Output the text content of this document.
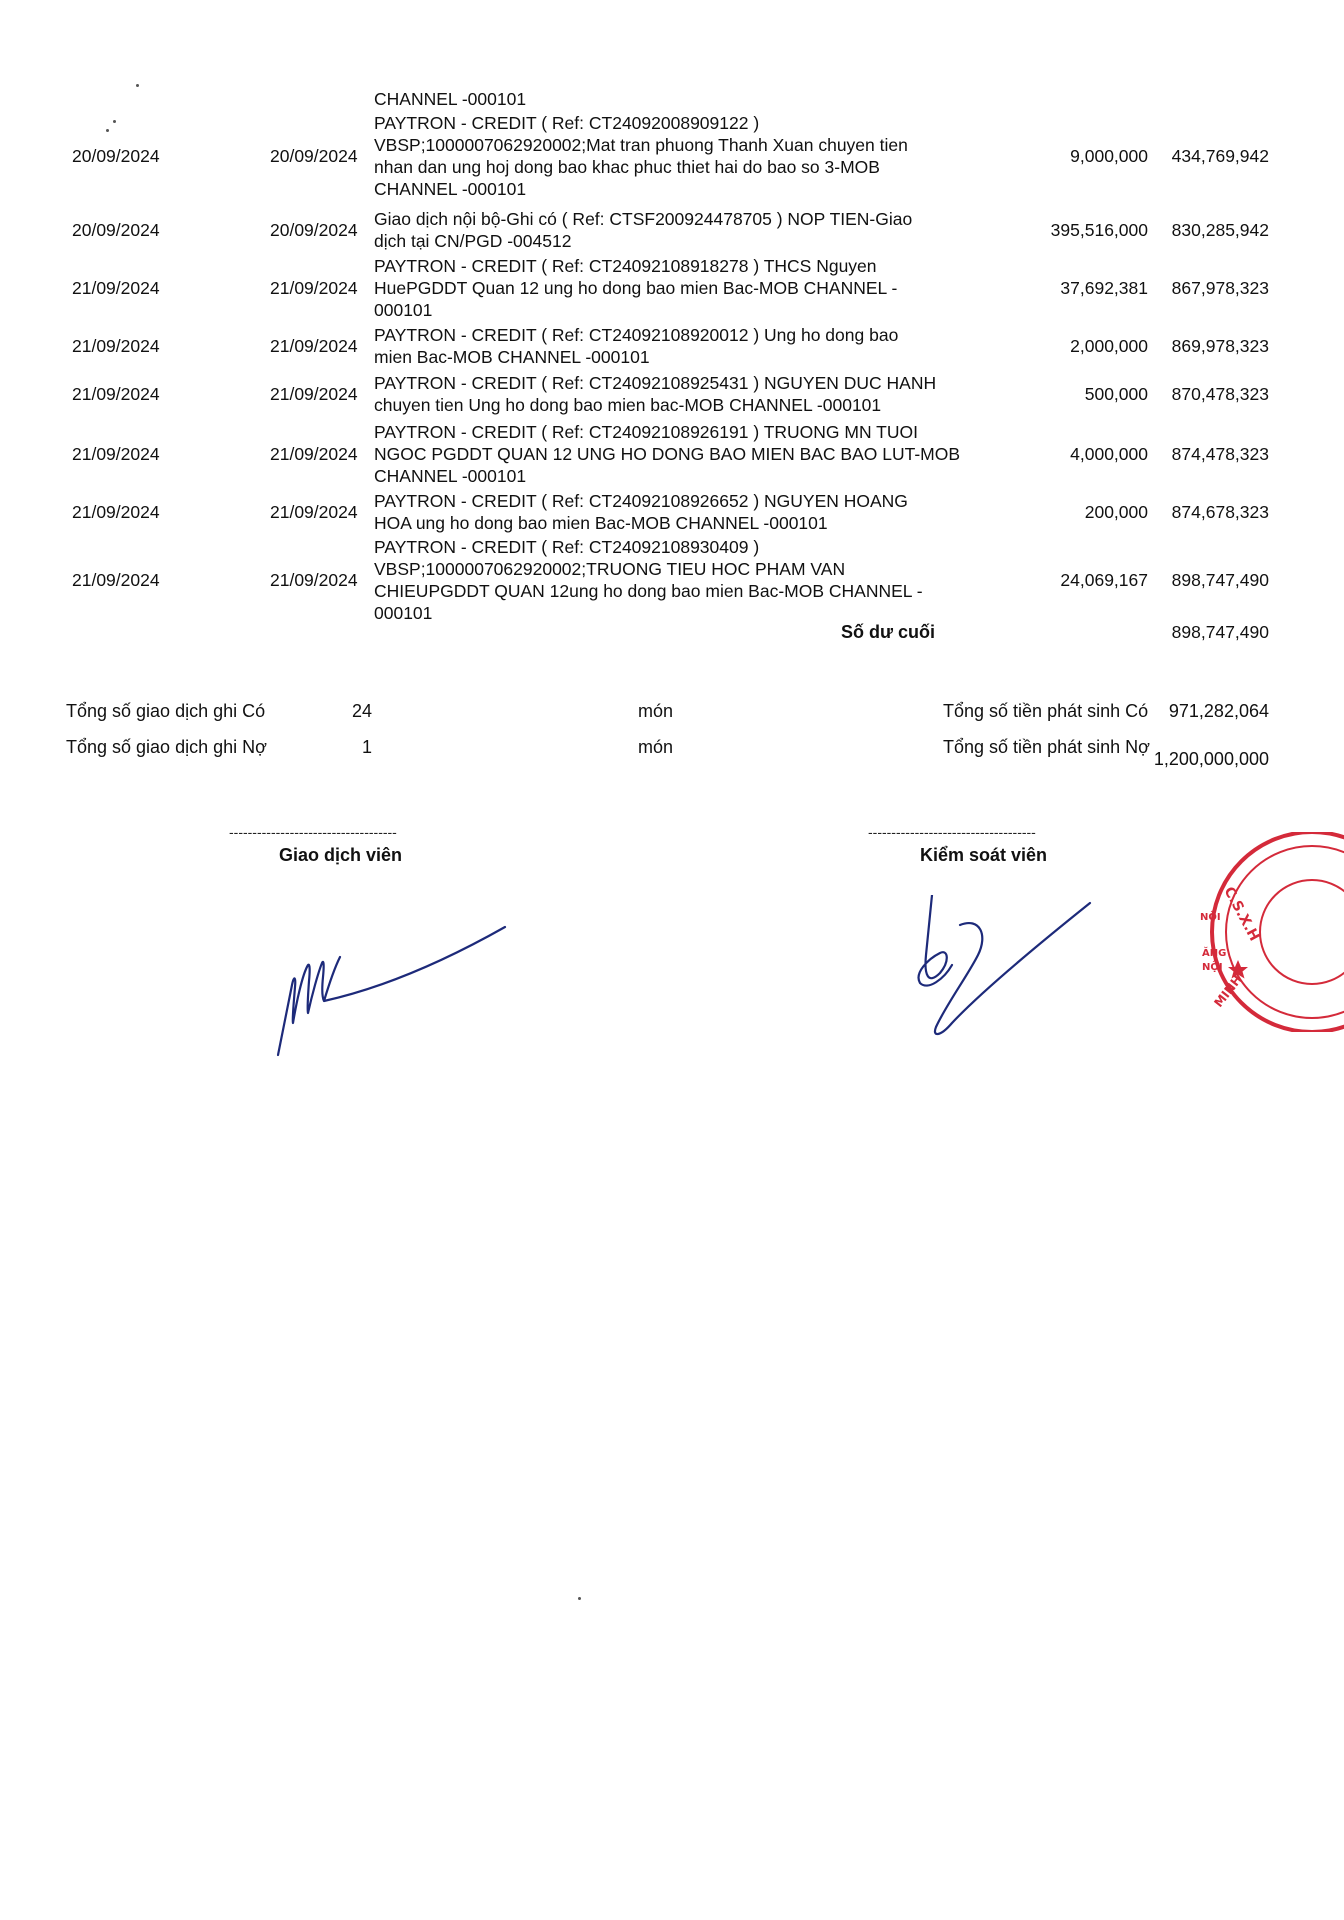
CHANNEL -000101
20/09/2024	20/09/2024
PAYTRON - CREDIT ( Ref: CT24092008909122 )
VBSP;1000007062920002;Mat tran phuong Thanh Xuan chuyen tien
nhan dan ung hoj dong bao khac phuc thiet hai do bao so 3-MOB
CHANNEL -000101
9,000,000 434,769,942
20/09/2024	20/09/2024
Giao dịch nội bộ-Ghi có ( Ref: CTSF200924478705 ) NOP TIEN-Giao
dịch tại CN/PGD -004512
395,516,000 830,285,942
21/09/2024	21/09/2024
PAYTRON - CREDIT ( Ref: CT24092108918278 ) THCS Nguyen
HuePGDDT Quan 12 ung ho dong bao mien Bac-MOB CHANNEL -
000101
37,692,381 867,978,323
21/09/2024	21/09/2024
PAYTRON - CREDIT ( Ref: CT24092108920012 ) Ung ho dong bao
mien Bac-MOB CHANNEL -000101
2,000,000 869,978,323
21/09/2024	21/09/2024
PAYTRON - CREDIT ( Ref: CT24092108925431 ) NGUYEN DUC HANH
chuyen tien Ung ho dong bao mien bac-MOB CHANNEL -000101
500,000 870,478,323
21/09/2024	21/09/2024
PAYTRON - CREDIT ( Ref: CT24092108926191 ) TRUONG MN TUOI
NGOC PGDDT QUAN 12 UNG HO DONG BAO MIEN BAC BAO LUT-MOB
CHANNEL -000101
4,000,000 874,478,323
21/09/2024	21/09/2024
PAYTRON - CREDIT ( Ref: CT24092108926652 ) NGUYEN HOANG
HOA ung ho dong bao mien Bac-MOB CHANNEL -000101
200,000 874,678,323
21/09/2024	21/09/2024
PAYTRON - CREDIT ( Ref: CT24092108930409 )
VBSP;1000007062920002;TRUONG TIEU HOC PHAM VAN
CHIEUPGDDT QUAN 12ung ho dong bao mien Bac-MOB CHANNEL -
000101
24,069,167 898,747,490
Số dư cuối	898,747,490
Tổng số giao dịch ghi Có	24	món	Tổng số tiền phát sinh Có 971,282,064
Tổng số giao dịch ghi Nợ	1	món	Tổng số tiền phát sinh Nợ
1,200,000,000
------------------------------------
Giao dịch viên
------------------------------------
Kiểm soát viên
C.S.X.H
NỘI
ĂNG
NỘI
MINH
